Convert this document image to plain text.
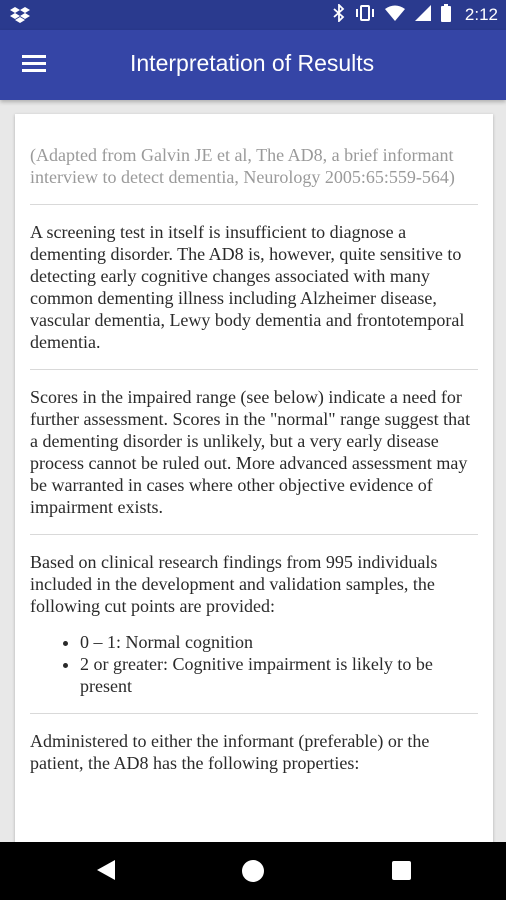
2:12
Interpretation of Results
(Adapted from Galvin JE et al, The AD8, a brief informant interview to detect dementia, Neurology 2005:65:559-564)
A screening test in itself is insufficient to diagnose a dementing disorder. The AD8 is, however, quite sensitive to detecting early cognitive changes associated with many common dementing illness including Alzheimer disease, vascular dementia, Lewy body dementia and frontotemporal dementia.
Scores in the impaired range (see below) indicate a need for further assessment. Scores in the "normal" range suggest that a dementing disorder is unlikely, but a very early disease process cannot be ruled out. More advanced assessment may be warranted in cases where other objective evidence of impairment exists.
Based on clinical research findings from 995 individuals included in the development and validation samples, the following cut points are provided:
• 0 – 1: Normal cognition
• 2 or greater: Cognitive impairment is likely to be present
Administered to either the informant (preferable) or the patient, the AD8 has the following properties:
